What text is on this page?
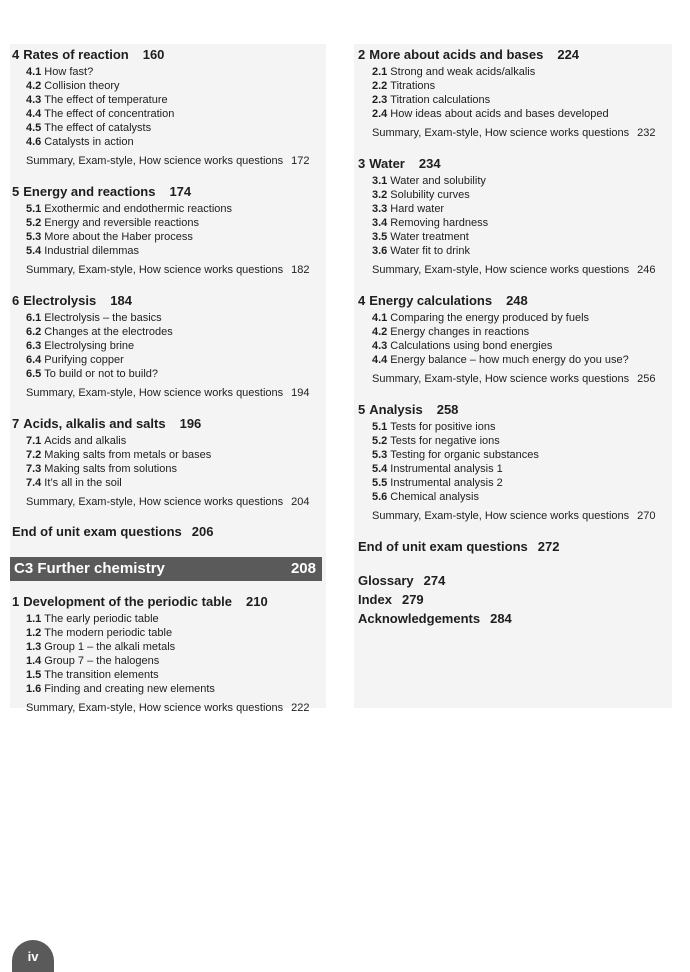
4 Rates of reaction 160
4.1 How fast?
4.2 Collision theory
4.3 The effect of temperature
4.4 The effect of concentration
4.5 The effect of catalysts
4.6 Catalysts in action
Summary, Exam-style, How science works questions 172
5 Energy and reactions 174
5.1 Exothermic and endothermic reactions
5.2 Energy and reversible reactions
5.3 More about the Haber process
5.4 Industrial dilemmas
Summary, Exam-style, How science works questions 182
6 Electrolysis 184
6.1 Electrolysis – the basics
6.2 Changes at the electrodes
6.3 Electrolysing brine
6.4 Purifying copper
6.5 To build or not to build?
Summary, Exam-style, How science works questions 194
7 Acids, alkalis and salts 196
7.1 Acids and alkalis
7.2 Making salts from metals or bases
7.3 Making salts from solutions
7.4 It’s all in the soil
Summary, Exam-style, How science works questions 204
End of unit exam questions 206
C3 Further chemistry	208
1 Development of the periodic table 210
1.1 The early periodic table
1.2 The modern periodic table
1.3 Group 1 – the alkali metals
1.4 Group 7 – the halogens
1.5 The transition elements
1.6 Finding and creating new elements
Summary, Exam-style, How science works questions 222
2 More about acids and bases 224
2.1 Strong and weak acids/alkalis
2.2 Titrations
2.3 Titration calculations
2.4 How ideas about acids and bases developed
Summary, Exam-style, How science works questions 232
3 Water 234
3.1 Water and solubility
3.2 Solubility curves
3.3 Hard water
3.4 Removing hardness
3.5 Water treatment
3.6 Water fit to drink
Summary, Exam-style, How science works questions 246
4 Energy calculations 248
4.1 Comparing the energy produced by fuels
4.2 Energy changes in reactions
4.3 Calculations using bond energies
4.4 Energy balance – how much energy do you use?
Summary, Exam-style, How science works questions 256
5 Analysis 258
5.1 Tests for positive ions
5.2 Tests for negative ions
5.3 Testing for organic substances
5.4 Instrumental analysis 1
5.5 Instrumental analysis 2
5.6 Chemical analysis
Summary, Exam-style, How science works questions 270
End of unit exam questions 272
Glossary 274
Index 279
Acknowledgements 284
iv
